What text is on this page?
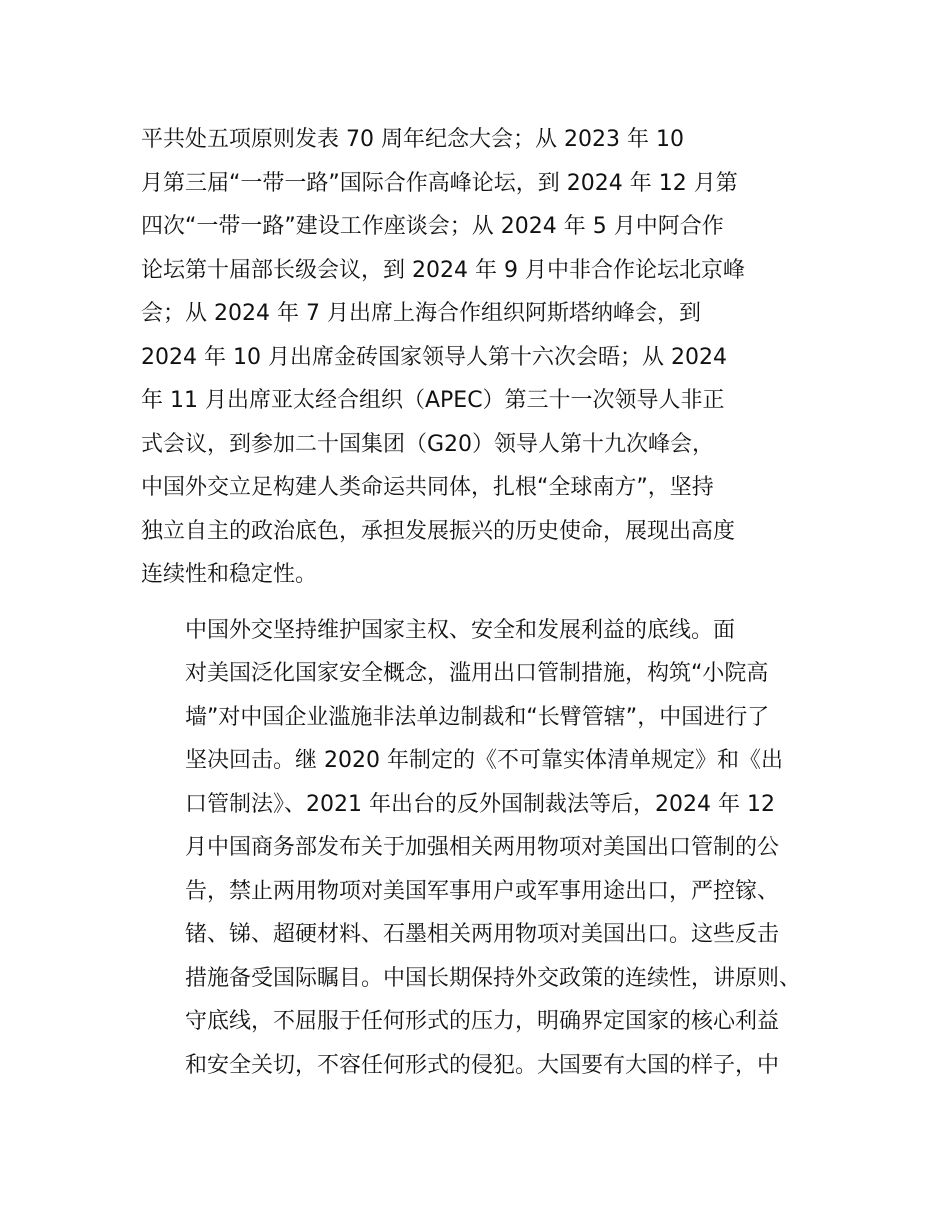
平共处五项原则发表 70 周年纪念大会；从 2023 年 10
月第三届“一带一路”国际合作高峰论坛，到 2024 年 12 月第
四次“一带一路”建设工作座谈会；从 2024 年 5 月中阿合作
论坛第十届部长级会议，到 2024 年 9 月中非合作论坛北京峰
会；从 2024 年 7 月出席上海合作组织阿斯塔纳峰会，到
2024 年 10 月出席金砖国家领导人第十六次会晤；从 2024
年 11 月出席亚太经合组织（APEC）第三十一次领导人非正
式会议，到参加二十国集团（G20）领导人第十九次峰会，
中国外交立足构建人类命运共同体，扎根“全球南方”，坚持
独立自主的政治底色，承担发展振兴的历史使命，展现出高度
连续性和稳定性。

中国外交坚持维护国家主权、安全和发展利益的底线。面
对美国泛化国家安全概念，滥用出口管制措施，构筑“小院高
墙”对中国企业滥施非法单边制裁和“长臂管辖”，中国进行了
坚决回击。继 2020 年制定的《不可靠实体清单规定》和《出
口管制法》、2021 年出台的反外国制裁法等后，2024 年 12
月中国商务部发布关于加强相关两用物项对美国出口管制的公
告，禁止两用物项对美国军事用户或军事用途出口，严控镓、
锗、锑、超硬材料、石墨相关两用物项对美国出口。这些反击
措施备受国际瞩目。中国长期保持外交政策的连续性，讲原则、
守底线，不屈服于任何形式的压力，明确界定国家的核心利益
和安全关切，不容任何形式的侵犯。大国要有大国的样子，中
